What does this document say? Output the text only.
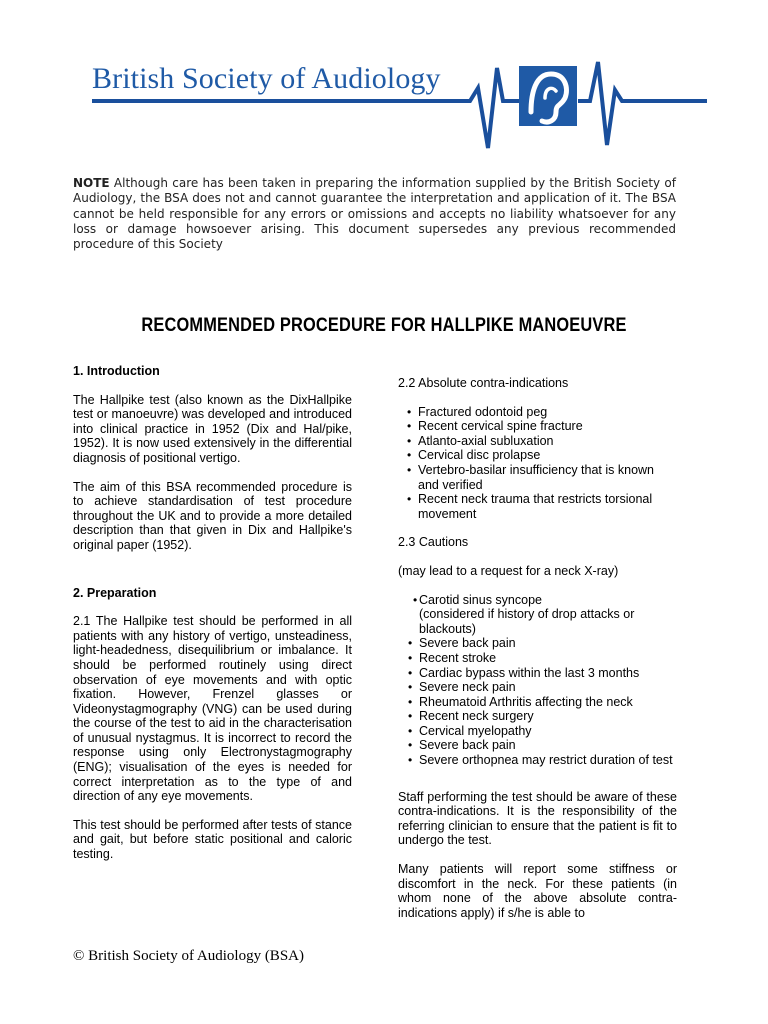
British Society of Audiology
NOTE Although care has been taken in preparing the information supplied by the British Society of Audiology, the BSA does not and cannot guarantee the interpretation and application of it. The BSA cannot be held responsible for any errors or omissions and accepts no liability whatsoever for any loss or damage howsoever arising. This document supersedes any previous recommended procedure of this Society
RECOMMENDED PROCEDURE FOR HALLPIKE MANOEUVRE

1. Introduction

The Hallpike test (also known as the DixHallpike test or manoeuvre) was developed and introduced into clinical practice in 1952 (Dix and Hal/pike, 1952). It is now used extensively in the differential diagnosis of positional vertigo.

The aim of this BSA recommended procedure is to achieve standardisation of test procedure throughout the UK and to provide a more detailed description than that given in Dix and Hallpike's original paper (1952).

2. Preparation

2.1 The Hallpike test should be performed in all patients with any history of vertigo, unsteadiness, light-headedness, disequilibrium or imbalance. It should be performed routinely using direct observation of eye movements and with optic fixation. However, Frenzel glasses or Videonystagmography (VNG) can be used during the course of the test to aid in the characterisation of unusual nystagmus. It is incorrect to record the response using only Electronystagmography (ENG); visualisation of the eyes is needed for correct interpretation as to the type of and direction of any eye movements.

This test should be performed after tests of stance and gait, but before static positional and caloric testing.

2.2 Absolute contra-indications

• Fractured odontoid peg
• Recent cervical spine fracture
• Atlanto-axial subluxation
• Cervical disc prolapse
• Vertebro-basilar insufficiency that is known and verified
• Recent neck trauma that restricts torsional movement

2.3 Cautions

(may lead to a request for a neck X-ray)

• Carotid sinus syncope
(considered if history of drop attacks or blackouts)
• Severe back pain
• Recent stroke
• Cardiac bypass within the last 3 months
• Severe neck pain
• Rheumatoid Arthritis affecting the neck
• Recent neck surgery
• Cervical myelopathy
• Severe back pain
• Severe orthopnea may restrict duration of test

Staff performing the test should be aware of these contra-indications. It is the responsibility of the referring clinician to ensure that the patient is fit to undergo the test.

Many patients will report some stiffness or discomfort in the neck. For these patients (in whom none of the above absolute contra-indications apply) if s/he is able to

© British Society of Audiology (BSA)
